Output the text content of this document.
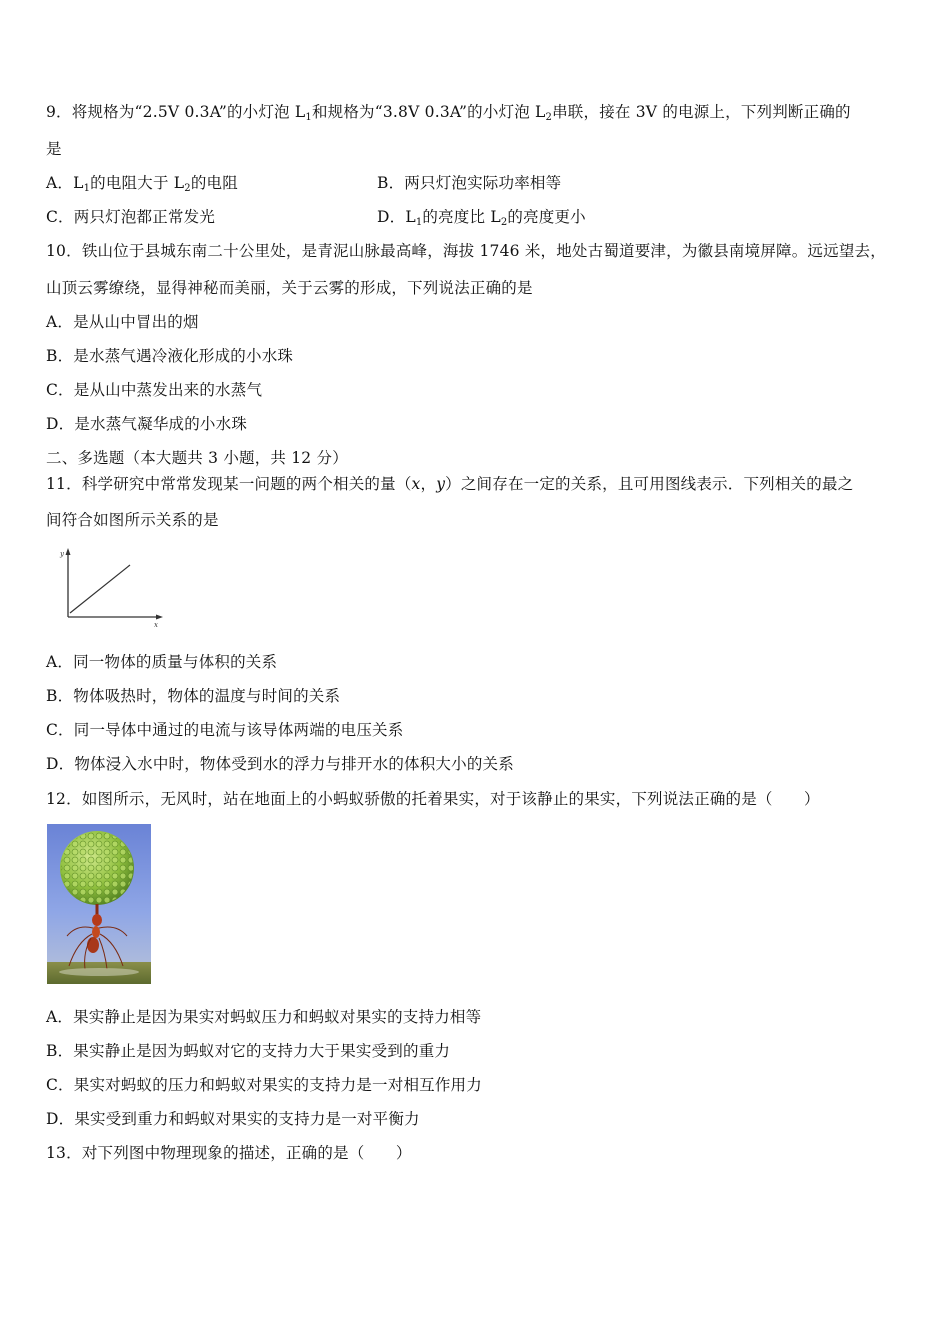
9．将规格为“2.5V 0.3A”的小灯泡 $L_1$和规格为“3.8V 0.3A”的小灯泡 $L_2$串联，接在 3V 的电源上，下列判断正确的
是
A．$L_1$的电阻大于 $L_2$的电阻	B．两只灯泡实际功率相等
C．两只灯泡都正常发光	D．$L_1$的亮度比 $L_2$的亮度更小
10．铁山位于县城东南二十公里处，是青泥山脉最高峰，海拔 1746 米，地处古蜀道要津，为徽县南境屏障。远远望去，
山顶云雾缭绕，显得神秘而美丽，关于云雾的形成，下列说法正确的是
A．是从山中冒出的烟
B．是水蒸气遇冷液化形成的小水珠
C．是从山中蒸发出来的水蒸气
D．是水蒸气凝华成的小水珠
二、多选题（本大题共 3 小题，共 12 分）
11．科学研究中常常发现某一问题的两个相关的量（x，y）之间存在一定的关系，且可用图线表示．下列相关的最之
间符合如图所示关系的是
y
x
A．同一物体的质量与体积的关系
B．物体吸热时，物体的温度与时间的关系
C．同一导体中通过的电流与该导体两端的电压关系
D．物体浸入水中时，物体受到水的浮力与排开水的体积大小的关系
12．如图所示，无风时，站在地面上的小蚂蚁骄傲的托着果实，对于该静止的果实，下列说法正确的是（　　）
A．果实静止是因为果实对蚂蚁压力和蚂蚁对果实的支持力相等
B．果实静止是因为蚂蚁对它的支持力大于果实受到的重力
C．果实对蚂蚁的压力和蚂蚁对果实的支持力是一对相互作用力
D．果实受到重力和蚂蚁对果实的支持力是一对平衡力
13．对下列图中物理现象的描述，正确的是（　　）
